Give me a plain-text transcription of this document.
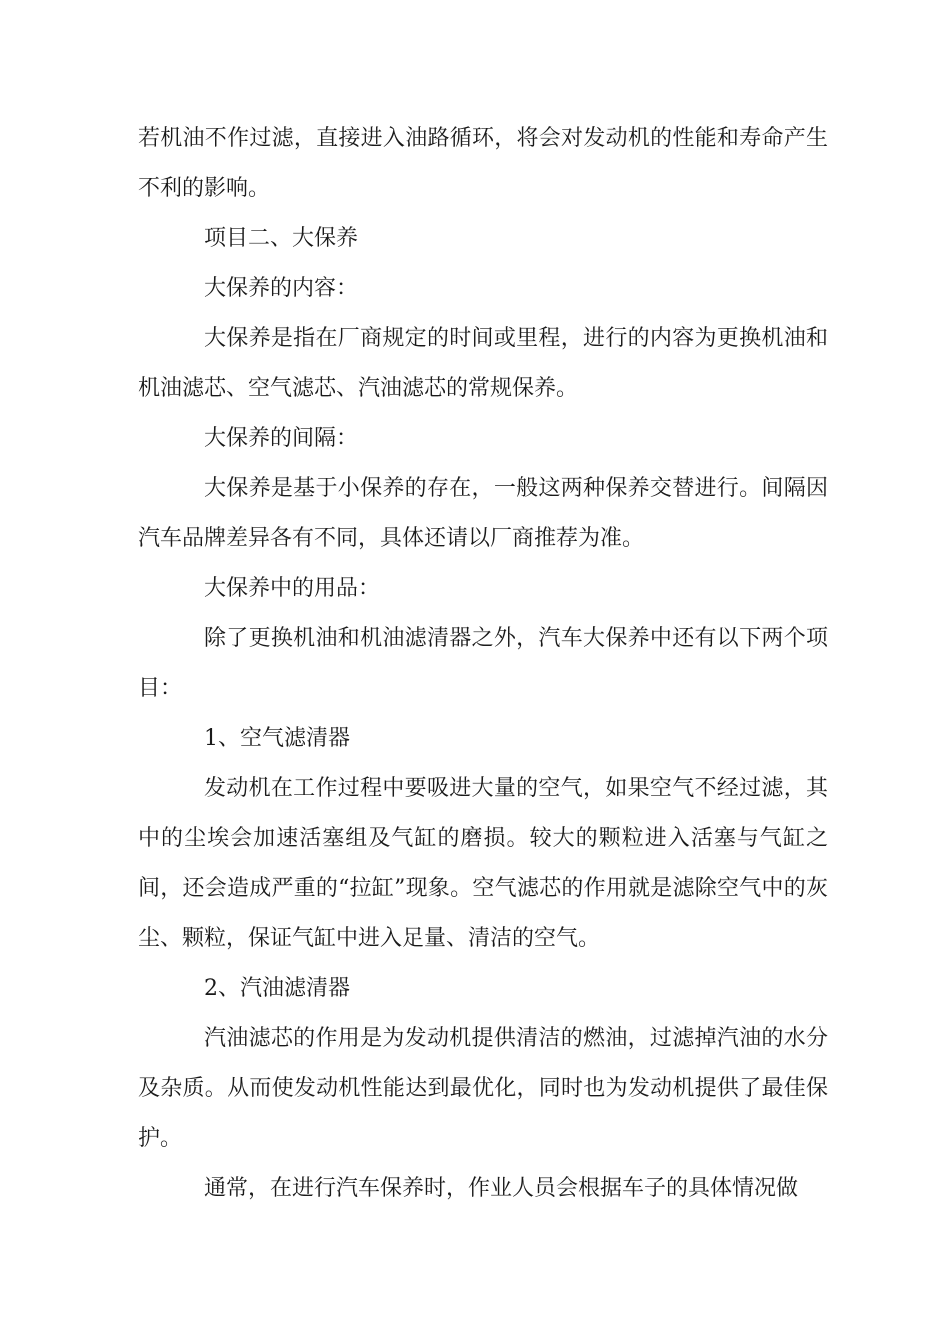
若机油不作过滤，直接进入油路循环，将会对发动机的性能和寿命产生不利的影响。

项目二、大保养

大保养的内容：

大保养是指在厂商规定的时间或里程，进行的内容为更换机油和机油滤芯、空气滤芯、汽油滤芯的常规保养。

大保养的间隔：

大保养是基于小保养的存在，一般这两种保养交替进行。间隔因汽车品牌差异各有不同，具体还请以厂商推荐为准。

大保养中的用品：

除了更换机油和机油滤清器之外，汽车大保养中还有以下两个项目：

1、空气滤清器

发动机在工作过程中要吸进大量的空气，如果空气不经过滤，其中的尘埃会加速活塞组及气缸的磨损。较大的颗粒进入活塞与气缸之间，还会造成严重的“拉缸”现象。空气滤芯的作用就是滤除空气中的灰尘、颗粒，保证气缸中进入足量、清洁的空气。

2、汽油滤清器

汽油滤芯的作用是为发动机提供清洁的燃油，过滤掉汽油的水分及杂质。从而使发动机性能达到最优化，同时也为发动机提供了最佳保护。

通常，在进行汽车保养时，作业人员会根据车子的具体情况做
